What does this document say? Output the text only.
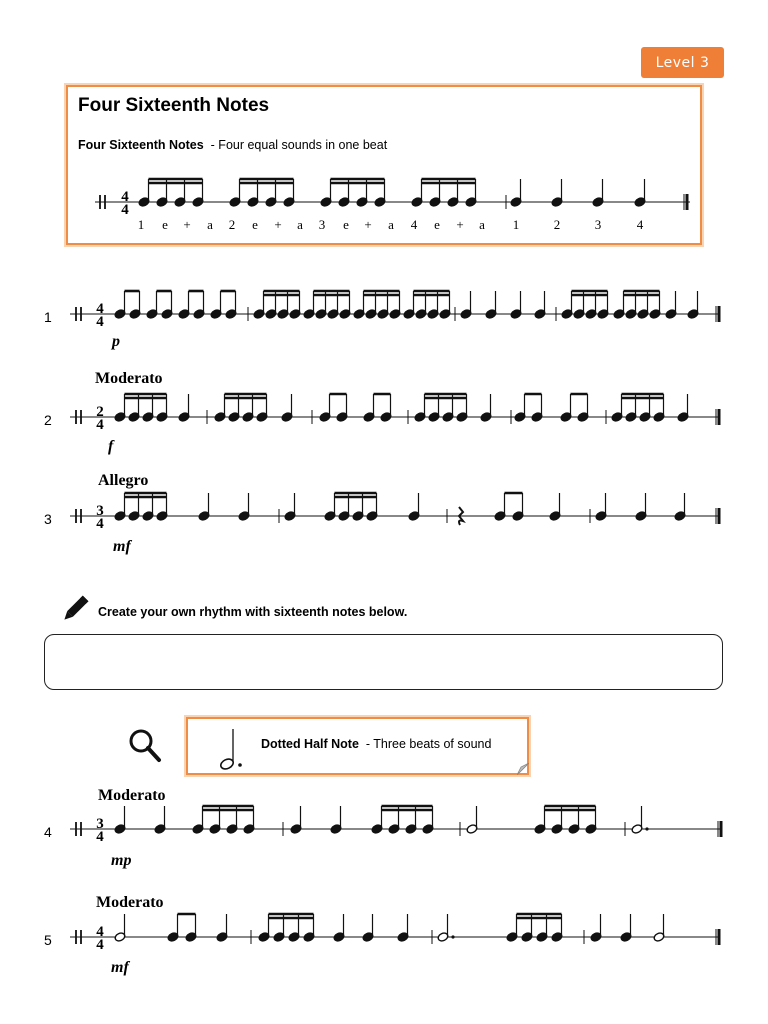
Level 3
Four Sixteenth Notes
Four Sixteenth Notes - Four equal sounds in one beat
4
4
1 e + a 2 e + a 3 e + a 4 e + a 1	2	3	4
1	4
4
p
Moderato
2	2
4
f
Allegro
3	3
4
mf
Create your own rhythm with sixteenth notes below.
Dotted Half Note - Three beats of sound
Moderato
4	3
4
mp
Moderato
5	4
4
mf
